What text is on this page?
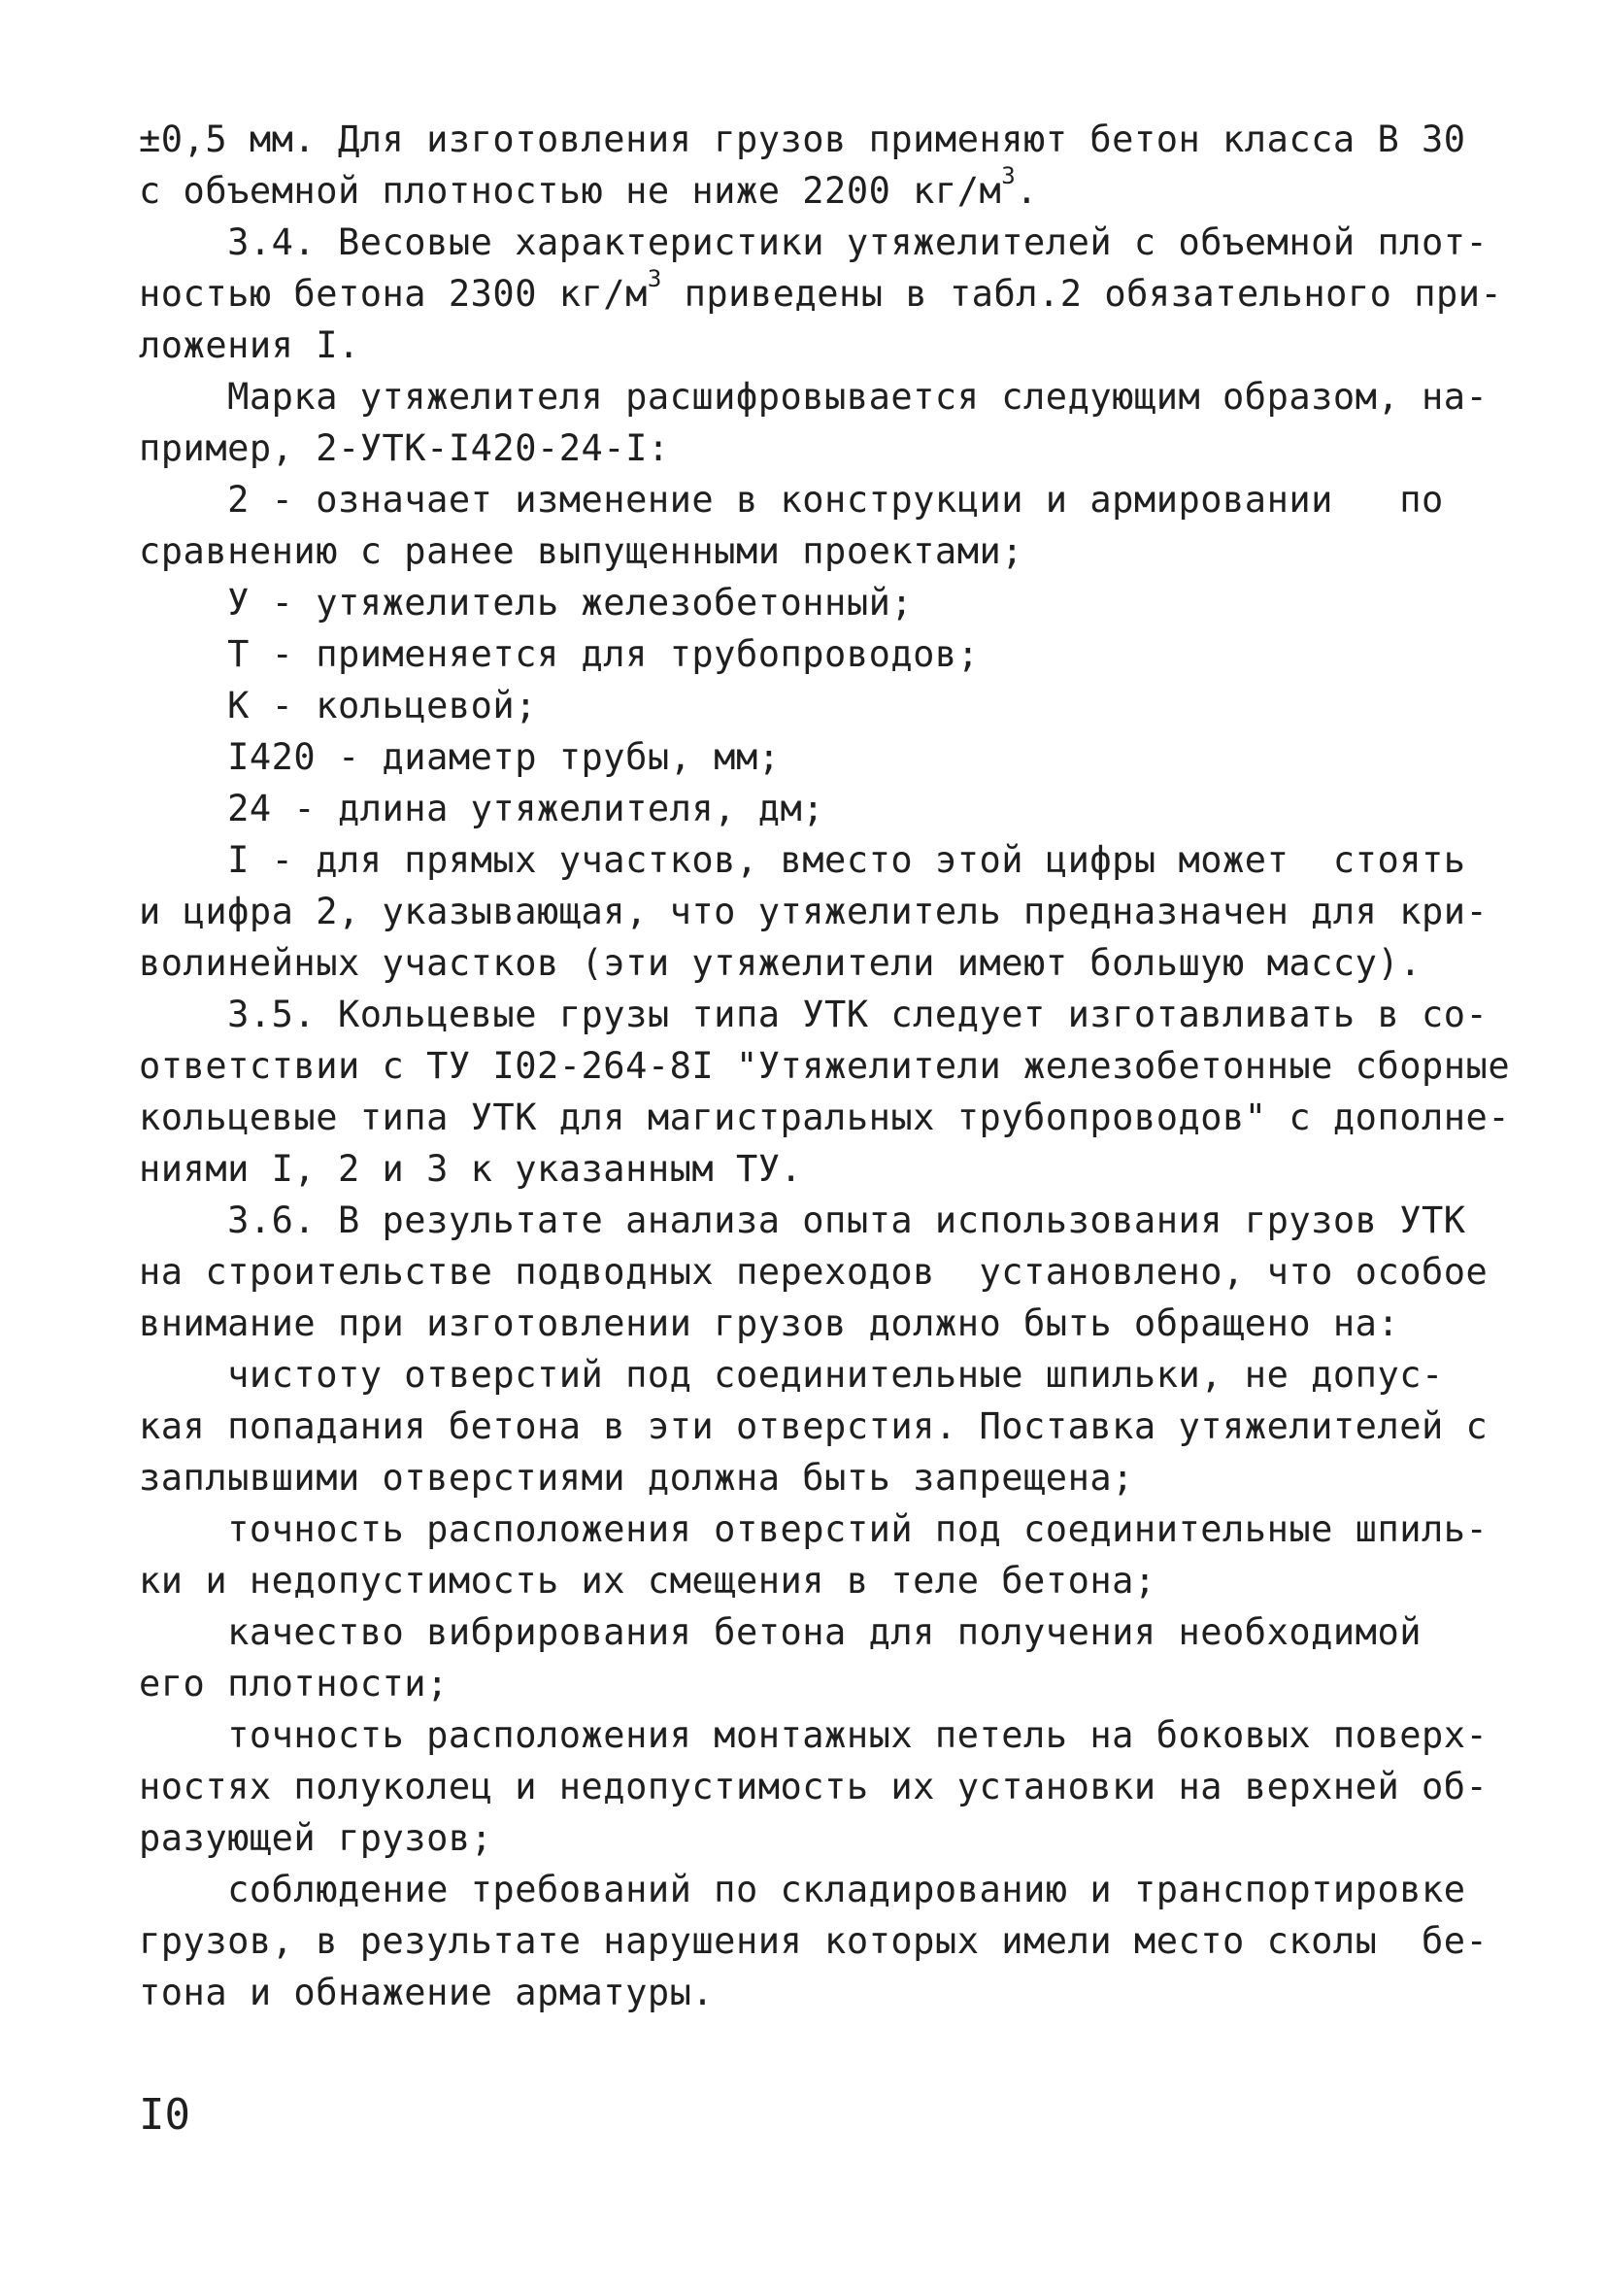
±0,5 мм. Для изготовления грузов применяют бетон класса В 30
с объемной плотностью не ниже 2200 $кг/м^3$.
3.4. Весовые характеристики утяжелителей с объемной плот-
ностью бетона 2300 $кг/м^3$ приведены в табл.2 обязательного при-
ложения I.
Марка утяжелителя расшифровывается следующим образом, на-
пример, 2-УТК-I420-24-I:
2 - означает изменение в конструкции и армировании   по
сравнению с ранее выпущенными проектами;
У - утяжелитель железобетонный;
Т - применяется для трубопроводов;
К - кольцевой;
I420 - диаметр трубы, мм;
24 - длина утяжелителя, дм;
I - для прямых участков, вместо этой цифры может  стоять
и цифра 2, указывающая, что утяжелитель предназначен для кри-
волинейных участков (эти утяжелители имеют большую массу).
3.5. Кольцевые грузы типа УТК следует изготавливать в со-
ответствии с ТУ I02-264-8I "Утяжелители железобетонные сборные
кольцевые типа УТК для магистральных трубопроводов" с дополне-
ниями I, 2 и 3 к указанным ТУ.
3.6. В результате анализа опыта использования грузов УТК
на строительстве подводных переходов  установлено, что особое
внимание при изготовлении грузов должно быть обращено на:
чистоту отверстий под соединительные шпильки, не допус-
кая попадания бетона в эти отверстия. Поставка утяжелителей с
заплывшими отверстиями должна быть запрещена;
точность расположения отверстий под соединительные шпиль-
ки и недопустимость их смещения в теле бетона;
качество вибрирования бетона для получения необходимой
его плотности;
точность расположения монтажных петель на боковых поверх-
ностях полуколец и недопустимость их установки на верхней об-
разующей грузов;
соблюдение требований по складированию и транспортировке
грузов, в результате нарушения которых имели место сколы  бе-
тона и обнажение арматуры.
I0
